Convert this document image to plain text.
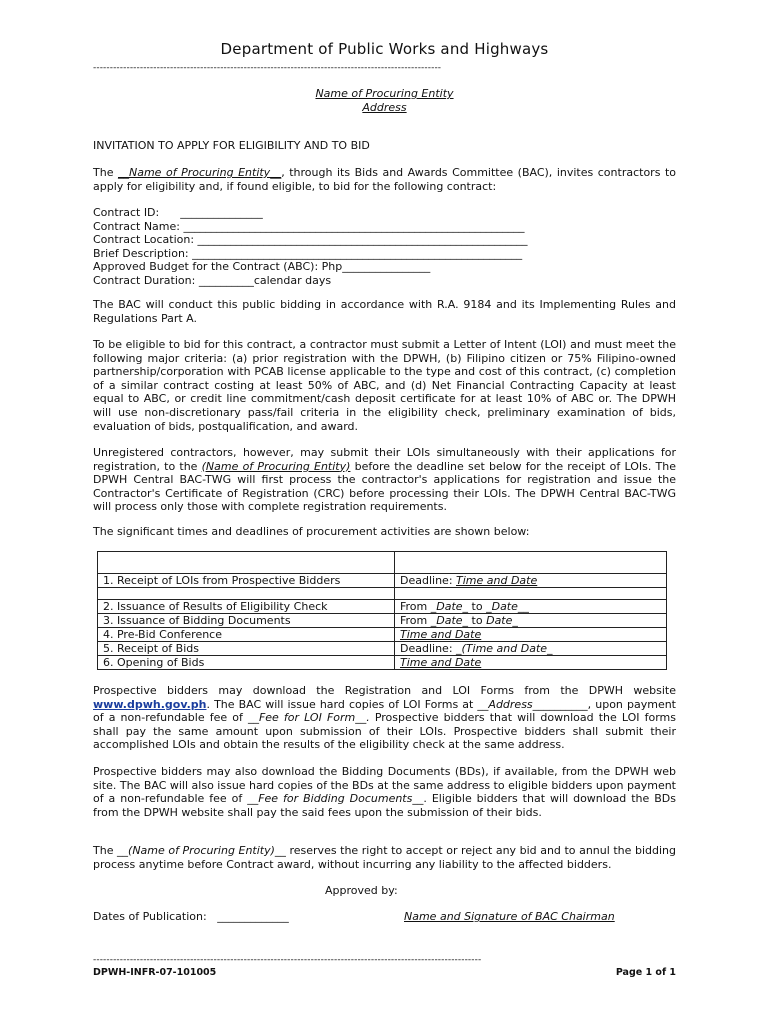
Department of Public Works and Highways
--------------------------------------------------------------------------------------------------------
Name of Procuring Entity
Address
INVITATION TO APPLY FOR ELIGIBILITY AND TO BID

The __Name of Procuring Entity__, through its Bids and Awards Committee (BAC), invites contractors to apply for eligibility and, if found eligible, to bid for the following contract:

Contract ID: _______________
Contract Name: ______________________________________________________________
Contract Location: ____________________________________________________________
Brief Description: ____________________________________________________________
Approved Budget for the Contract (ABC): Php________________
Contract Duration: __________calendar days

The BAC will conduct this public bidding in accordance with R.A. 9184 and its Implementing Rules and Regulations Part A.

To be eligible to bid for this contract, a contractor must submit a Letter of Intent (LOI) and must meet the following major criteria: (a) prior registration with the DPWH, (b) Filipino citizen or 75% Filipino-owned partnership/corporation with PCAB license applicable to the type and cost of this contract, (c) completion of a similar contract costing at least 50% of ABC, and (d) Net Financial Contracting Capacity at least equal to ABC, or credit line commitment/cash deposit certificate for at least 10% of ABC or. The DPWH will use non-discretionary pass/fail criteria in the eligibility check, preliminary examination of bids, evaluation of bids, postqualification, and award.

Unregistered contractors, however, may submit their LOIs simultaneously with their applications for registration, to the (Name of Procuring Entity) before the deadline set below for the receipt of LOIs. The DPWH Central BAC-TWG will first process the contractor's applications for registration and issue the Contractor's Certificate of Registration (CRC) before processing their LOIs. The DPWH Central BAC-TWG will process only those with complete registration requirements.

The significant times and deadlines of procurement activities are shown below:

1. Receipt of LOIs from Prospective Bidders	Deadline: Time and Date

2. Issuance of Results of Eligibility Check	From _Date_ to _Date__
3. Issuance of Bidding Documents	From _Date_ to Date_
4. Pre-Bid Conference	Time and Date
5. Receipt of Bids	Deadline: _(Time and Date_
6. Opening of Bids	Time and Date

Prospective bidders may download the Registration and LOI Forms from the DPWH website www.dpwh.gov.ph. The BAC will issue hard copies of LOI Forms at __Address__________, upon payment of a non-refundable fee of __Fee for LOI Form__. Prospective bidders that will download the LOI forms shall pay the same amount upon submission of their LOIs. Prospective bidders shall submit their accomplished LOIs and obtain the results of the eligibility check at the same address.

Prospective bidders may also download the Bidding Documents (BDs), if available, from the DPWH web site. The BAC will also issue hard copies of the BDs at the same address to eligible bidders upon payment of a non-refundable fee of __Fee for Bidding Documents__. Eligible bidders that will download the BDs from the DPWH website shall pay the said fees upon the submission of their bids.

The __(Name of Procuring Entity)__ reserves the right to accept or reject any bid and to annul the bidding process anytime before Contract award, without incurring any liability to the affected bidders.

Approved by:
Dates of Publication: _____________	Name and Signature of BAC Chairman
--------------------------------------------------------------------------------------------------------------------
DPWH-INFR-07-101005	Page 1 of 1
